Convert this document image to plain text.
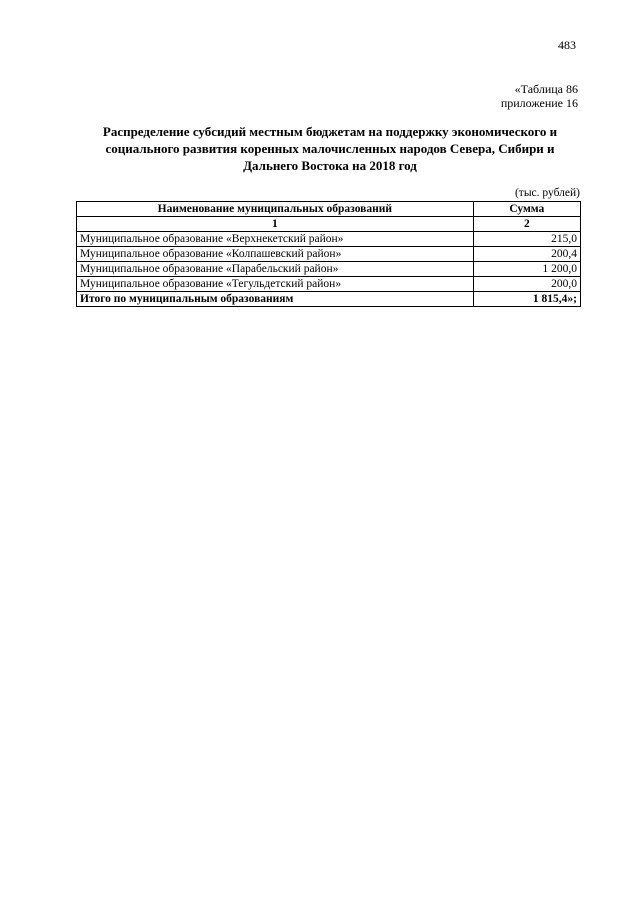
483
«Таблица 86
приложение 16
Распределение субсидий местным бюджетам на поддержку экономического и
социального развития коренных малочисленных народов Севера, Сибири и
Дальнего Востока на 2018 год
(тыс. рублей)
Наименование муниципальных образований	Сумма
1	2
Муниципальное образование «Верхнекетский район»	215,0
Муниципальное образование «Колпашевский район»	200,4
Муниципальное образование «Парабельский район»	1 200,0
Муниципальное образование «Тегульдетский район»	200,0
Итого по муниципальным образованиям	1 815,4»;
